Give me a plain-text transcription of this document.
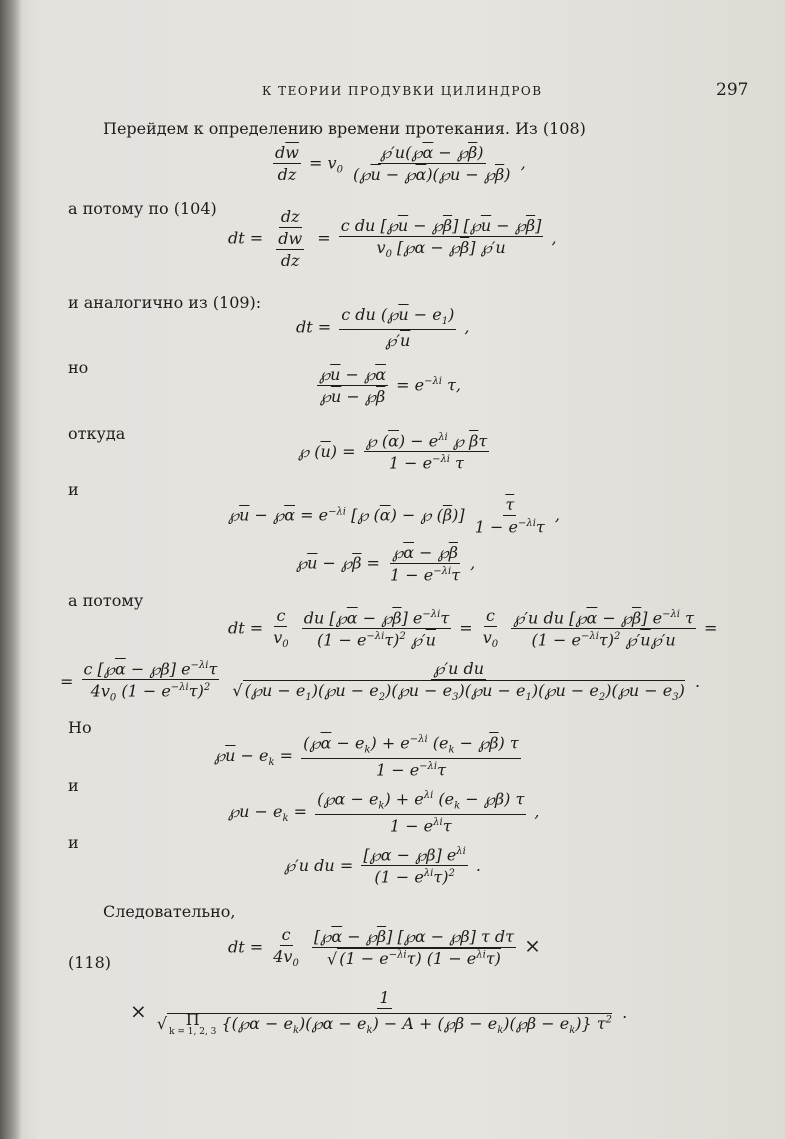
К ТЕОРИИ ПРОДУВКИ ЦИЛИНДРОВ	297
Перейдем к определению времени протекания. Из (108)
$\frac{d\overline{w}}{dz} = v_0 \frac{℘'u(℘\overline{\alpha} - ℘\overline{\beta})}{(℘\overline{u} - ℘\overline{\alpha})(℘u - ℘\overline{\beta})}$ ,
а потому по (104)
dt = $\frac{dz}{\frac{dw}{dz}} = \frac{c du [℘\overline{u} - ℘\overline{\beta}] [℘\overline{u} - ℘\overline{\beta}]}{v_0 [℘\alpha - ℘\overline{\beta}] ℘'u}$ ,
и аналогично из (109):
dt = $\frac{c du (℘\overline{u} - e_1)}{℘'\overline{u}}$ ,
но	$\frac{℘\overline{u} - ℘\overline{\alpha}}{℘\overline{u} - ℘\overline{\beta}} = e^{-\lambda i}$ τ,
откуда
℘ $(\overline{u}) = \frac{℘ (\overline{\alpha}) - e^{\lambda i} ℘ \overline{\beta}\tau}{1 - e^{-\lambda i} \tau}$
и
$℘\overline{u}$ − $℘\overline{\alpha} = e^{-\lambda i}$ [℘ $(\overline{\alpha})$ − ℘ $(\overline{\beta})] \frac{\overline{\tau}}{1 - e^{-\lambda i}\tau}$ ,
$℘\overline{u}$ − $℘\overline{\beta} = \frac{℘\overline{\alpha} - ℘\overline{\beta}}{1 - e^{-\lambda i}\tau}$ ,
а потому
dt = $\frac{c}{v_0}$
$\frac{du [℘\overline{\alpha} - ℘\overline{\beta}] e^{-\lambda i}\tau}{(1 - e^{-\lambda i}\tau)^2 ℘'\overline{u}} = \frac{c}{v_0}$
$\frac{℘'u du [℘\overline{\alpha} - ℘\overline{\beta}] e^{-\lambda i} \tau}{(1 - e^{-\lambda i}\tau)^2 ℘'\overline{u}℘'u}$ =
= $\frac{c [℘\overline{\alpha} - ℘\beta] e^{-\lambda i}\tau}{4v_0 (1 - e^{-\lambda i}\tau)^2}$
$\frac{\text{℘′u du}}{√ (℘u - e_1)(℘u - e_2)(℘u - e_3)(℘\overline{u} - e_1)(℘\overline{u} - e_2)(℘\overline{u} - e_3)}$ .
Но
$℘\overline{u} - e_k = \frac{(℘\overline{\alpha} - e_k) + e^{-\lambda i} (e_k - ℘\overline{\beta}) \tau}{1 - e^{-\lambda i}\tau}$
и
℘u − $e_k = \frac{(℘\alpha - e_k) + e^{\lambda i} (e_k - ℘\beta) \tau}{1 - e^{\lambda i}\tau}$ ,
и
℘′u du = $\frac{[℘\alpha - ℘\beta] e^{\lambda i}}{(1 - e^{\lambda i}\tau)^2}$ .
Следовательно,
(118)
dt = $\frac{c}{4v_0}$
$\frac{[℘\overline{\alpha} - ℘\overline{\beta}] [℘\alpha - ℘\beta] \tau d\tau}{√ (1 - e^{-\lambda i}\tau) (1 - e^{\lambda i}\tau)}$ ×
×
1
√ Π
k = 1, 2, 3 {($℘\overline{\alpha}$ − $e_k)(℘\alpha - e_k) - A$ + (℘β − $e_k)(℘\overline{\beta} - e_k)$} $\tau^2$ .
